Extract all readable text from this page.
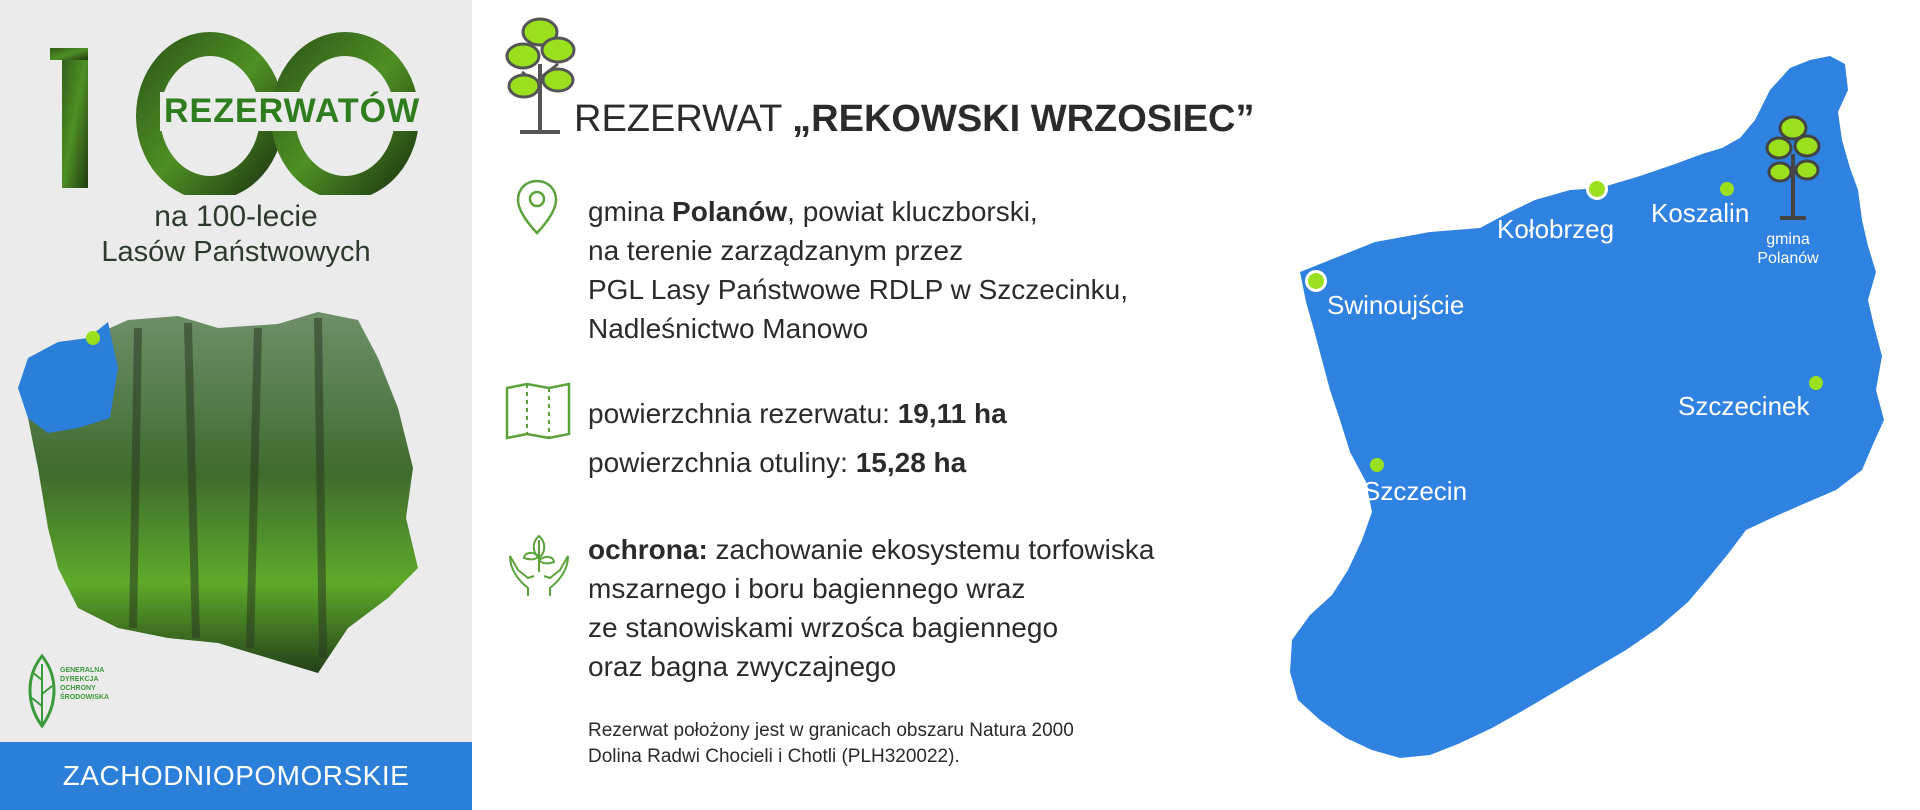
REZERWATÓW
na 100-lecie
Lasów Państwowych
GENERALNA
DYREKCJA
OCHRONY
ŚRODOWISKA
ZACHODNIOPOMORSKIE
REZERWAT „REKOWSKI WRZOSIEC”
gmina Polanów, powiat kluczborski,
na terenie zarządzanym przez
PGL Lasy Państwowe RDLP w Szczecinku,
Nadleśnictwo Manowo
powierzchnia rezerwatu: 19,11 ha
powierzchnia otuliny: 15,28 ha
ochrona: zachowanie ekosystemu torfowiska
mszarnego i boru bagiennego wraz
ze stanowiskami wrzośca bagiennego
oraz bagna zwyczajnego
Rezerwat położony jest w granicach obszaru Natura 2000
Dolina Radwi Chocieli i Chotli (PLH320022).
Swinoujście
Kołobrzeg
Koszalin
gmina
Polanów
Szczecinek
Szczecin
